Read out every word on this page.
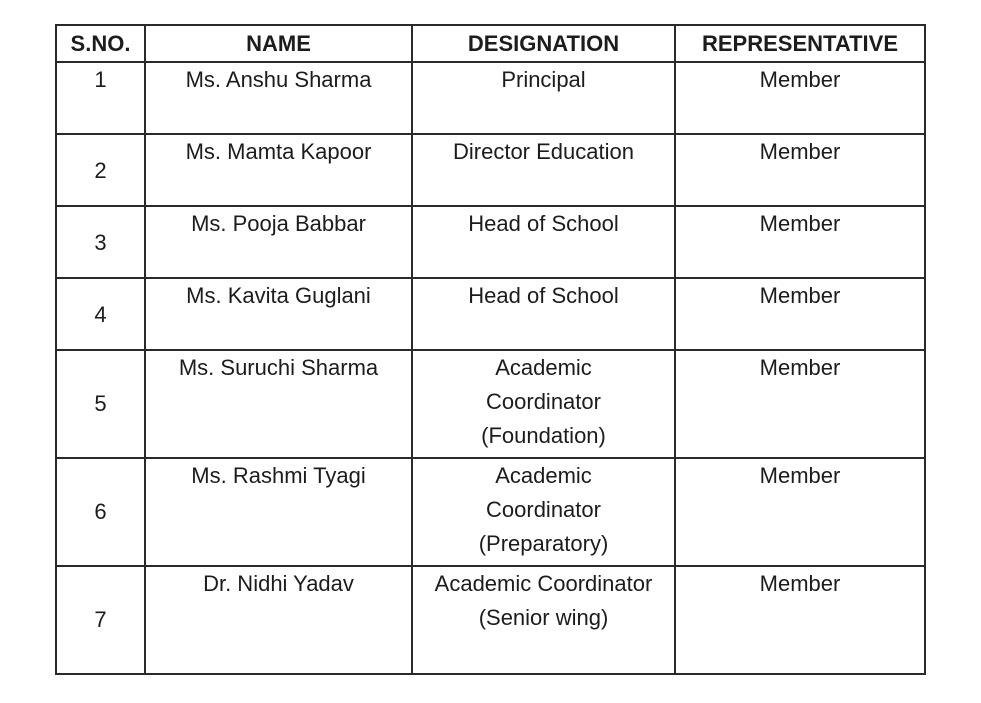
S.NO.	NAME	DESIGNATION	REPRESENTATIVE

1	Ms. Anshu Sharma	Principal	Member

2	Ms. Mamta Kapoor	Director Education	Member

3	Ms. Pooja Babbar	Head of School	Member

4	Ms. Kavita Guglani	Head of School	Member

5	Ms. Suruchi Sharma	Academic Coordinator (Foundation)	Member

6	Ms. Rashmi Tyagi	Academic Coordinator (Preparatory)	Member

7	Dr. Nidhi Yadav	Academic Coordinator (Senior wing)	Member
